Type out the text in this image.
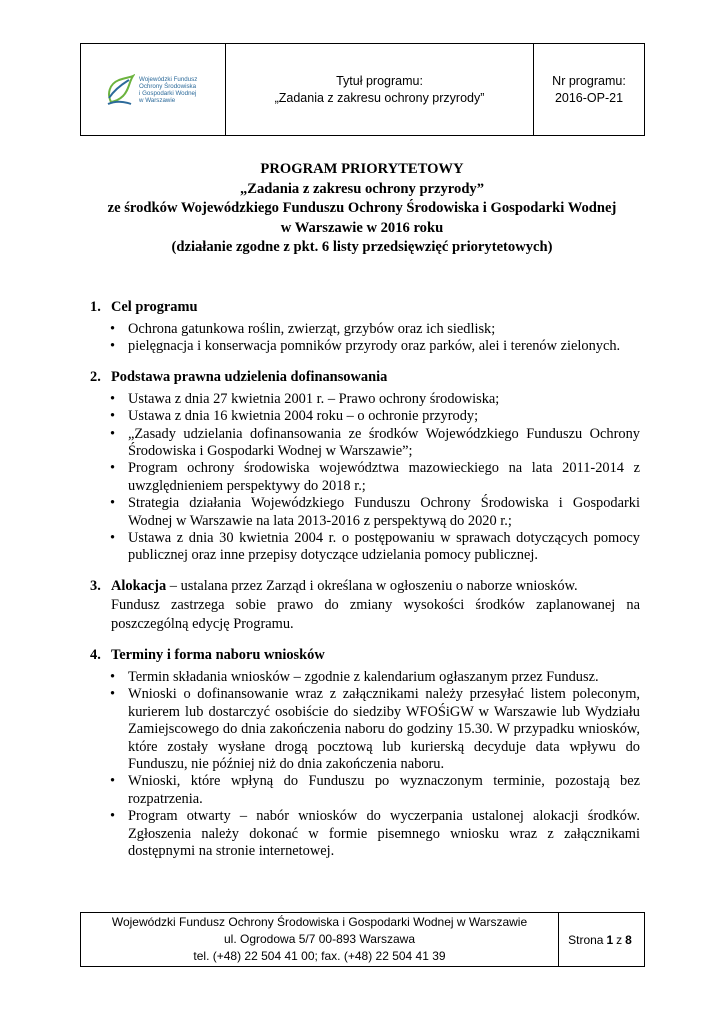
Wojewódzki Fundusz
Ochrony Środowiska
i Gospodarki Wodnej
w Warszawie
Tytuł programu:
„Zadania z zakresu ochrony przyrody”
Nr programu:
2016-OP-21
PROGRAM PRIORYTETOWY
„Zadania z zakresu ochrony przyrody”
ze środków Wojewódzkiego Funduszu Ochrony Środowiska i Gospodarki Wodnej
w Warszawie w 2016 roku
(działanie zgodne z pkt. 6 listy przedsięwzięć priorytetowych)
1. Cel programu
• Ochrona gatunkowa roślin, zwierząt, grzybów oraz ich siedlisk;
• pielęgnacja i konserwacja pomników przyrody oraz parków, alei i terenów zielonych.
2. Podstawa prawna udzielenia dofinansowania
• Ustawa z dnia 27 kwietnia 2001 r. – Prawo ochrony środowiska;
• Ustawa z dnia 16 kwietnia 2004 roku – o ochronie przyrody;
• „Zasady udzielania dofinansowania ze środków Wojewódzkiego Funduszu Ochrony Środowiska i Gospodarki Wodnej w Warszawie”;
• Program ochrony środowiska województwa mazowieckiego na lata 2011-2014 z uwzględnieniem perspektywy do 2018 r.;
• Strategia działania Wojewódzkiego Funduszu Ochrony Środowiska i Gospodarki Wodnej w Warszawie na lata 2013-2016 z perspektywą do 2020 r.;
• Ustawa z dnia 30 kwietnia 2004 r. o postępowaniu w sprawach dotyczących pomocy publicznej oraz inne przepisy dotyczące udzielania pomocy publicznej.
3. Alokacja – ustalana przez Zarząd i określana w ogłoszeniu o naborze wniosków.
Fundusz zastrzega sobie prawo do zmiany wysokości środków zaplanowanej na poszczególną edycję Programu.
4. Terminy i forma naboru wniosków
• Termin składania wniosków – zgodnie z kalendarium ogłaszanym przez Fundusz.
• Wnioski o dofinansowanie wraz z załącznikami należy przesyłać listem poleconym, kurierem lub dostarczyć osobiście do siedziby WFOŚiGW w Warszawie lub Wydziału Zamiejscowego do dnia zakończenia naboru do godziny 15.30. W przypadku wniosków, które zostały wysłane drogą pocztową lub kurierską decyduje data wpływu do Funduszu, nie później niż do dnia zakończenia naboru.
• Wnioski, które wpłyną do Funduszu po wyznaczonym terminie, pozostają bez rozpatrzenia.
• Program otwarty – nabór wniosków do wyczerpania ustalonej alokacji środków. Zgłoszenia należy dokonać w formie pisemnego wniosku wraz z załącznikami dostępnymi na stronie internetowej.
Wojewódzki Fundusz Ochrony Środowiska i Gospodarki Wodnej w Warszawie
ul. Ogrodowa 5/7 00-893 Warszawa
tel. (+48) 22 504 41 00; fax. (+48) 22 504 41 39
Strona 1 z 8
